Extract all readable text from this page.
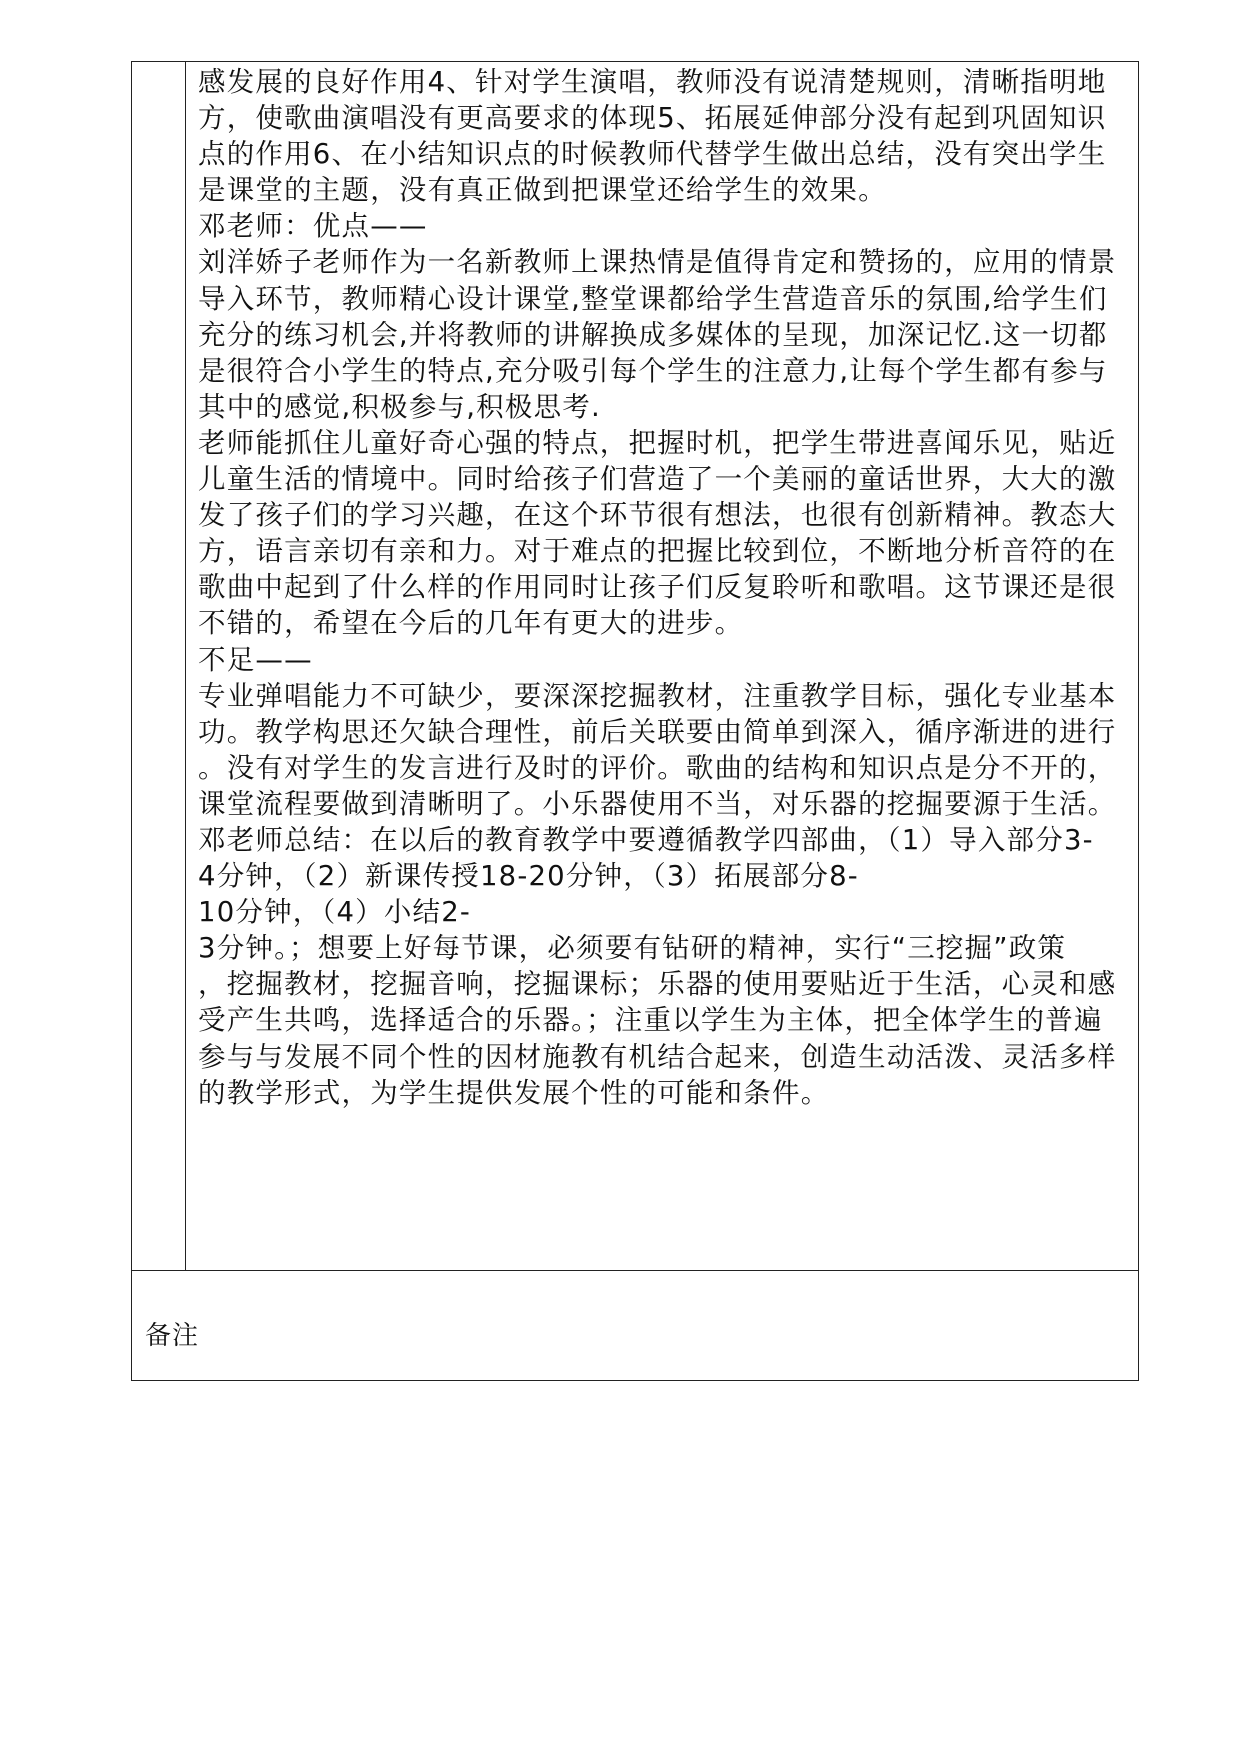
感发展的良好作用4、针对学生演唱，教师没有说清楚规则，清晰指明地
方，使歌曲演唱没有更高要求的体现5、拓展延伸部分没有起到巩固知识
点的作用6、在小结知识点的时候教师代替学生做出总结，没有突出学生
是课堂的主题，没有真正做到把课堂还给学生的效果。
邓老师：优点——
刘洋娇子老师作为一名新教师上课热情是值得肯定和赞扬的，应用的情景
导入环节，教师精心设计课堂,整堂课都给学生营造音乐的氛围,给学生们
充分的练习机会,并将教师的讲解换成多媒体的呈现，加深记忆.这一切都
是很符合小学生的特点,充分吸引每个学生的注意力,让每个学生都有参与
其中的感觉,积极参与,积极思考.
老师能抓住儿童好奇心强的特点，把握时机，把学生带进喜闻乐见，贴近
儿童生活的情境中。同时给孩子们营造了一个美丽的童话世界，大大的激
发了孩子们的学习兴趣，在这个环节很有想法，也很有创新精神。教态大
方，语言亲切有亲和力。对于难点的把握比较到位，不断地分析音符的在
歌曲中起到了什么样的作用同时让孩子们反复聆听和歌唱。这节课还是很
不错的，希望在今后的几年有更大的进步。
不足——
专业弹唱能力不可缺少，要深深挖掘教材，注重教学目标，强化专业基本
功。教学构思还欠缺合理性，前后关联要由简单到深入，循序渐进的进行
。没有对学生的发言进行及时的评价。歌曲的结构和知识点是分不开的，
课堂流程要做到清晰明了。小乐器使用不当，对乐器的挖掘要源于生活。
邓老师总结：在以后的教育教学中要遵循教学四部曲，（1）导入部分3-
4分钟，（2）新课传授18-20分钟，（3）拓展部分8-
10分钟，（4）小结2-
3分钟。；想要上好每节课，必须要有钻研的精神，实行“三挖掘”政策
，挖掘教材，挖掘音响，挖掘课标；乐器的使用要贴近于生活，心灵和感
受产生共鸣，选择适合的乐器。；注重以学生为主体，把全体学生的普遍
参与与发展不同个性的因材施教有机结合起来，创造生动活泼、灵活多样
的教学形式，为学生提供发展个性的可能和条件。
备注
